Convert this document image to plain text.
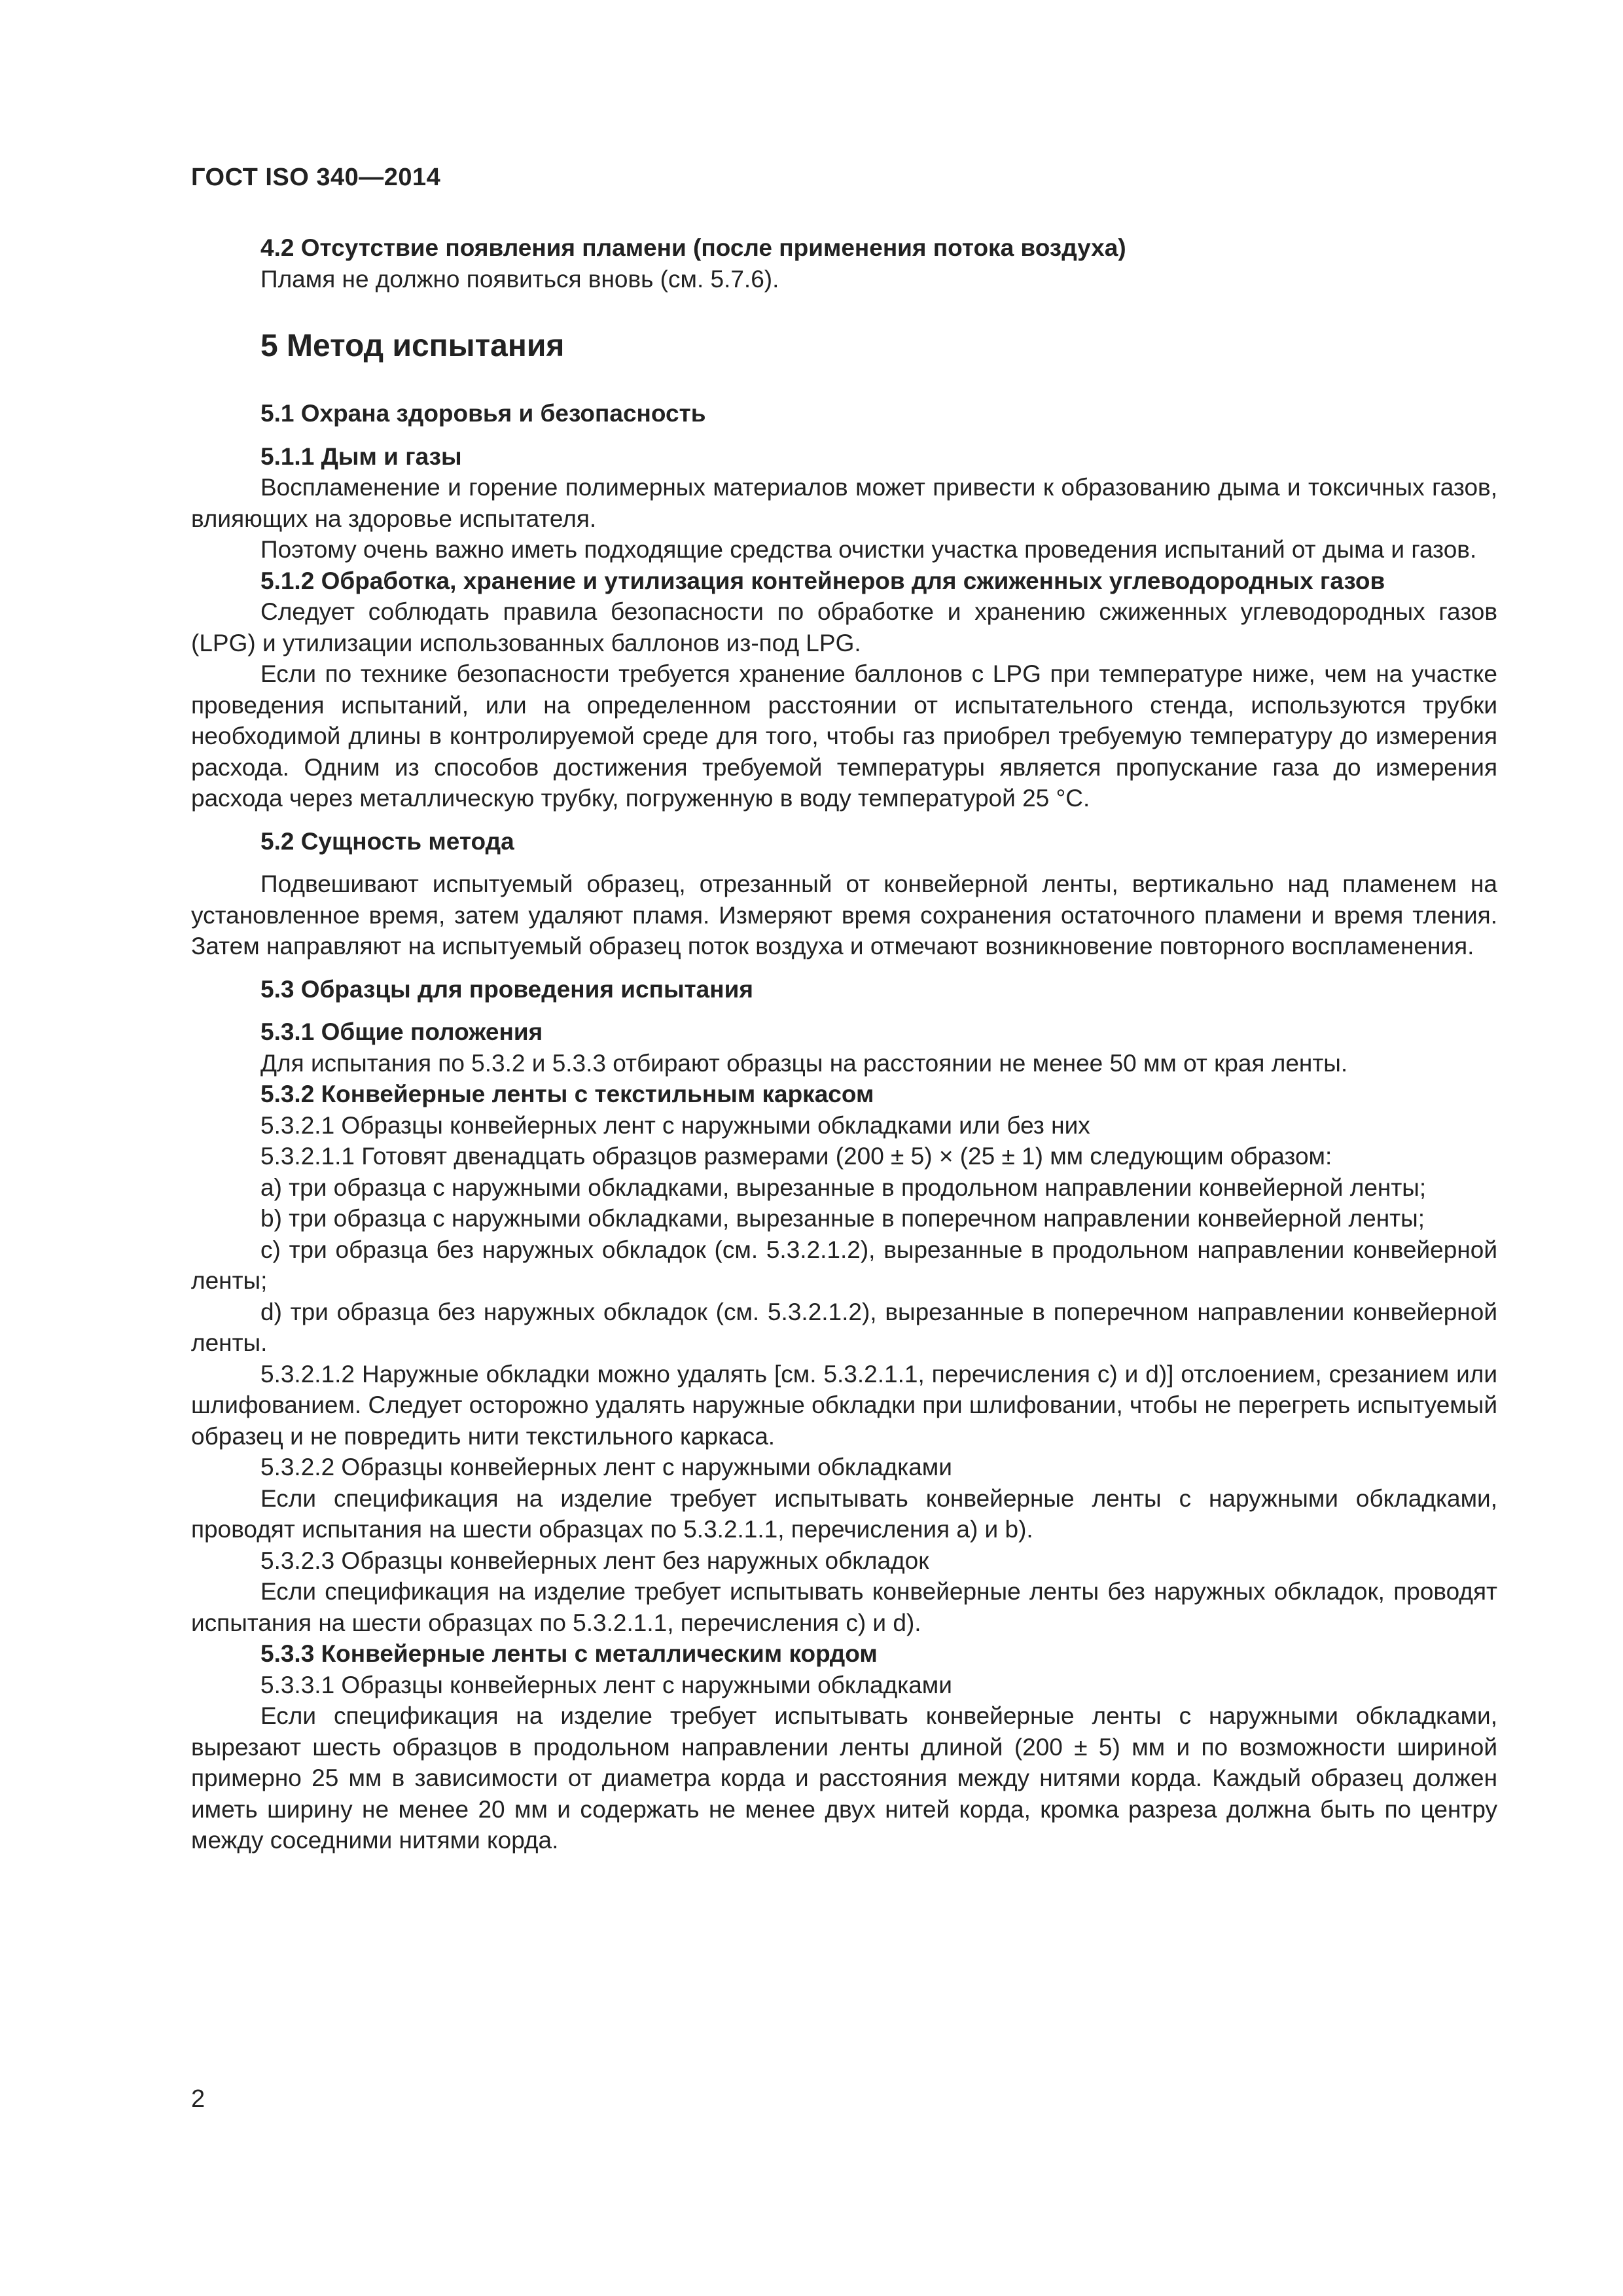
ГОСТ ISO 340—2014
4.2 Отсутствие появления пламени (после применения потока воздуха)

Пламя не должно появиться вновь (см. 5.7.6).

5 Метод испытания
5.1 Охрана здоровья и безопасность
5.1.1 Дым и газы

Воспламенение и горение полимерных материалов может привести к образованию дыма и токсичных газов, влияющих на здоровье испытателя.

Поэтому очень важно иметь подходящие средства очистки участка проведения испытаний от дыма и газов.

5.1.2 Обработка, хранение и утилизация контейнеров для сжиженных углеводородных газов

Следует соблюдать правила безопасности по обработке и хранению сжиженных углеводородных газов (LPG) и утилизации использованных баллонов из-под LPG.

Если по технике безопасности требуется хранение баллонов с LPG при температуре ниже, чем на участке проведения испытаний, или на определенном расстоянии от испытательного стенда, используются трубки необходимой длины в контролируемой среде для того, чтобы газ приобрел требуемую температуру до измерения расхода. Одним из способов достижения требуемой температуры является пропускание газа до измерения расхода через металлическую трубку, погруженную в воду температурой 25 °С.

5.2 Сущность метода

Подвешивают испытуемый образец, отрезанный от конвейерной ленты, вертикально над пламенем на установленное время, затем удаляют пламя. Измеряют время сохранения остаточного пламени и время тления. Затем направляют на испытуемый образец поток воздуха и отмечают возникновение повторного воспламенения.

5.3 Образцы для проведения испытания
5.3.1 Общие положения

Для испытания по 5.3.2 и 5.3.3 отбирают образцы на расстоянии не менее 50 мм от края ленты.

5.3.2 Конвейерные ленты с текстильным каркасом

5.3.2.1 Образцы конвейерных лент с наружными обкладками или без них

5.3.2.1.1 Готовят двенадцать образцов размерами (200 ± 5) × (25 ± 1) мм следующим образом:

a) три образца с наружными обкладками, вырезанные в продольном направлении конвейерной ленты;

b) три образца с наружными обкладками, вырезанные в поперечном направлении конвейерной ленты;

c) три образца без наружных обкладок (см. 5.3.2.1.2), вырезанные в продольном направлении конвейерной ленты;

d) три образца без наружных обкладок (см. 5.3.2.1.2), вырезанные в поперечном направлении конвейерной ленты.

5.3.2.1.2 Наружные обкладки можно удалять [см. 5.3.2.1.1, перечисления c) и d)] отслоением, срезанием или шлифованием. Следует осторожно удалять наружные обкладки при шлифовании, чтобы не перегреть испытуемый образец и не повредить нити текстильного каркаса.

5.3.2.2 Образцы конвейерных лент с наружными обкладками

Если спецификация на изделие требует испытывать конвейерные ленты с наружными обкладками, проводят испытания на шести образцах по 5.3.2.1.1, перечисления a) и b).

5.3.2.3 Образцы конвейерных лент без наружных обкладок

Если спецификация на изделие требует испытывать конвейерные ленты без наружных обкладок, проводят испытания на шести образцах по 5.3.2.1.1, перечисления c) и d).

5.3.3 Конвейерные ленты с металлическим кордом

5.3.3.1 Образцы конвейерных лент с наружными обкладками

Если спецификация на изделие требует испытывать конвейерные ленты с наружными обкладками, вырезают шесть образцов в продольном направлении ленты длиной (200 ± 5) мм и по возможности шириной примерно 25 мм в зависимости от диаметра корда и расстояния между нитями корда. Каждый образец должен иметь ширину не менее 20 мм и содержать не менее двух нитей корда, кромка разреза должна быть по центру между соседними нитями корда.

2
